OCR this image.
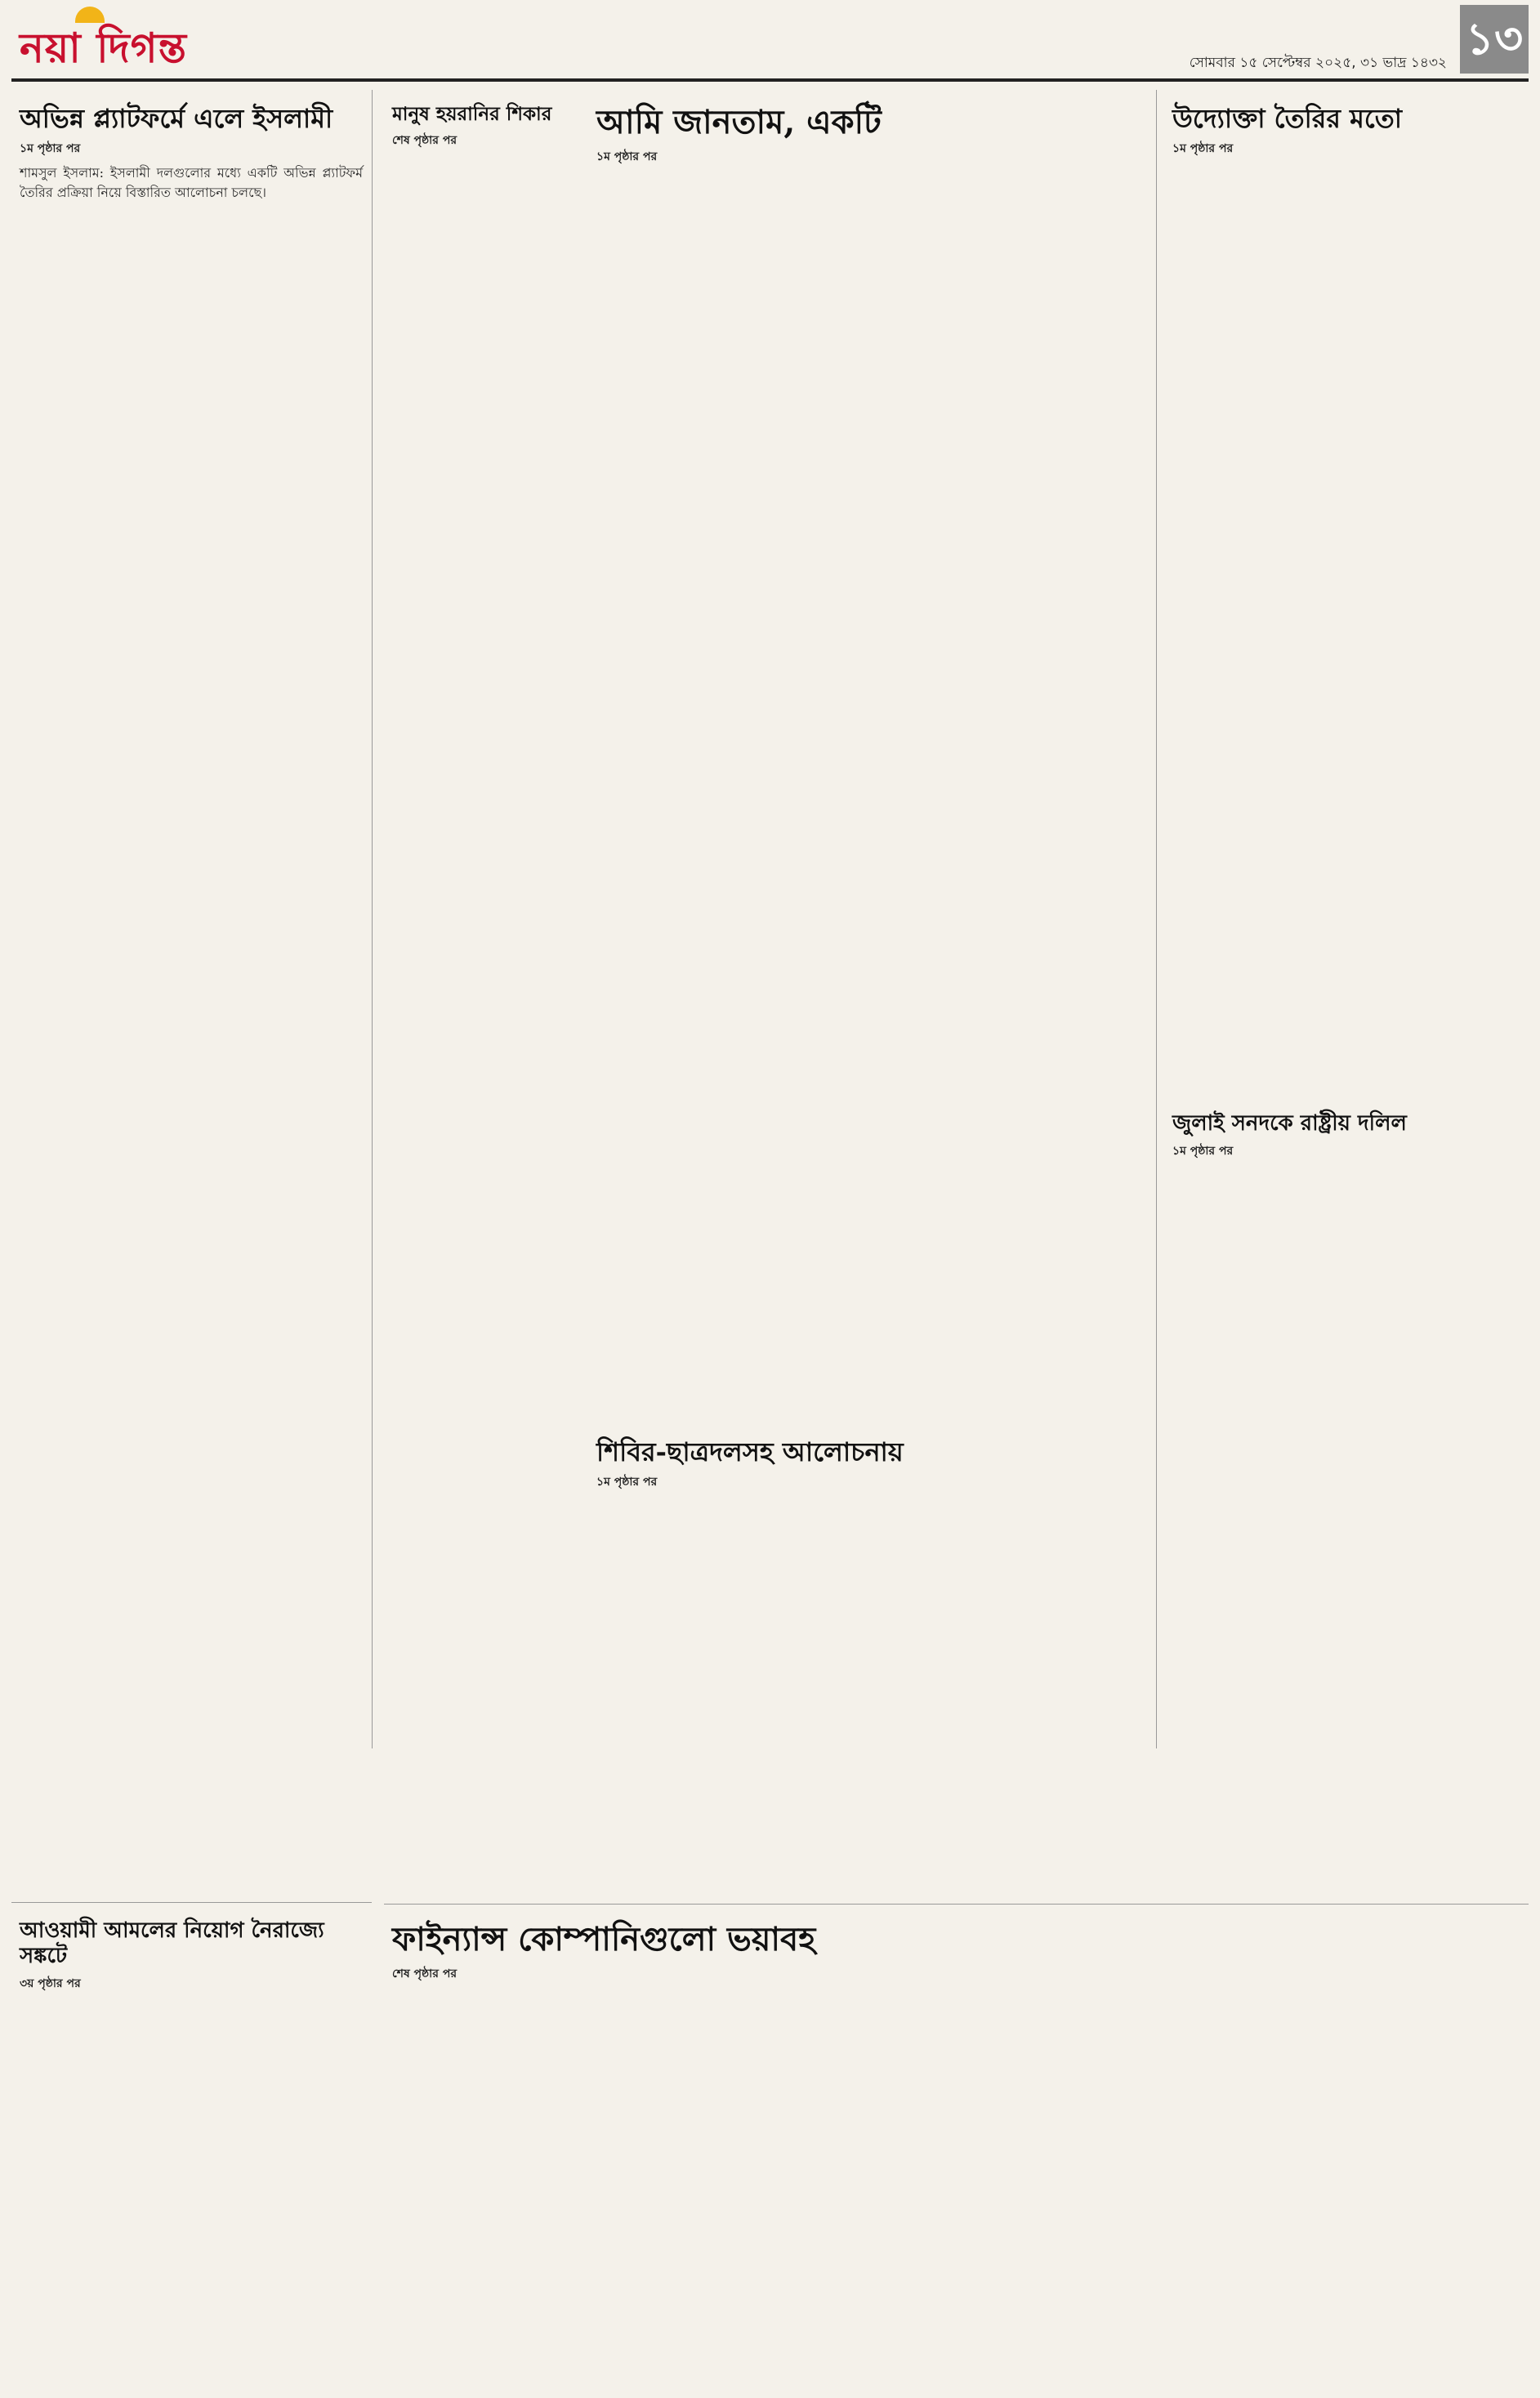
নয়া দিগন্ত	সোমবার ১৫ সেপ্টেম্বর ২০২৫, ৩১ ভাদ্র ১৪৩২ ১৩
অভিন্ন প্ল্যাটফর্মে এলে ইসলামী
১ম পৃষ্ঠার পর

শামসুল ইসলাম: ইসলামী দলগুলোর মধ্যে একটি অভিন্ন প্ল্যাটফর্ম তৈরির প্রক্রিয়া নিয়ে বিস্তারিত আলোচনা চলছে।

মানুষ হয়রানির শিকার
শেষ পৃষ্ঠার পর	আমি জানতাম, একটি
১ম পৃষ্ঠার পর
উদ্যোক্তা তৈরির মতো
১ম পৃষ্ঠার পর
জুলাই সনদকে রাষ্ট্রীয় দলিল
১ম পৃষ্ঠার পর
শিবির-ছাত্রদলসহ আলোচনায়
১ম পৃষ্ঠার পর
আওয়ামী আমলের নিয়োগ নৈরাজ্যে সঙ্কটে
৩য় পৃষ্ঠার পর
ফাইন্যান্স কোম্পানিগুলো ভয়াবহ
শেষ পৃষ্ঠার পর
